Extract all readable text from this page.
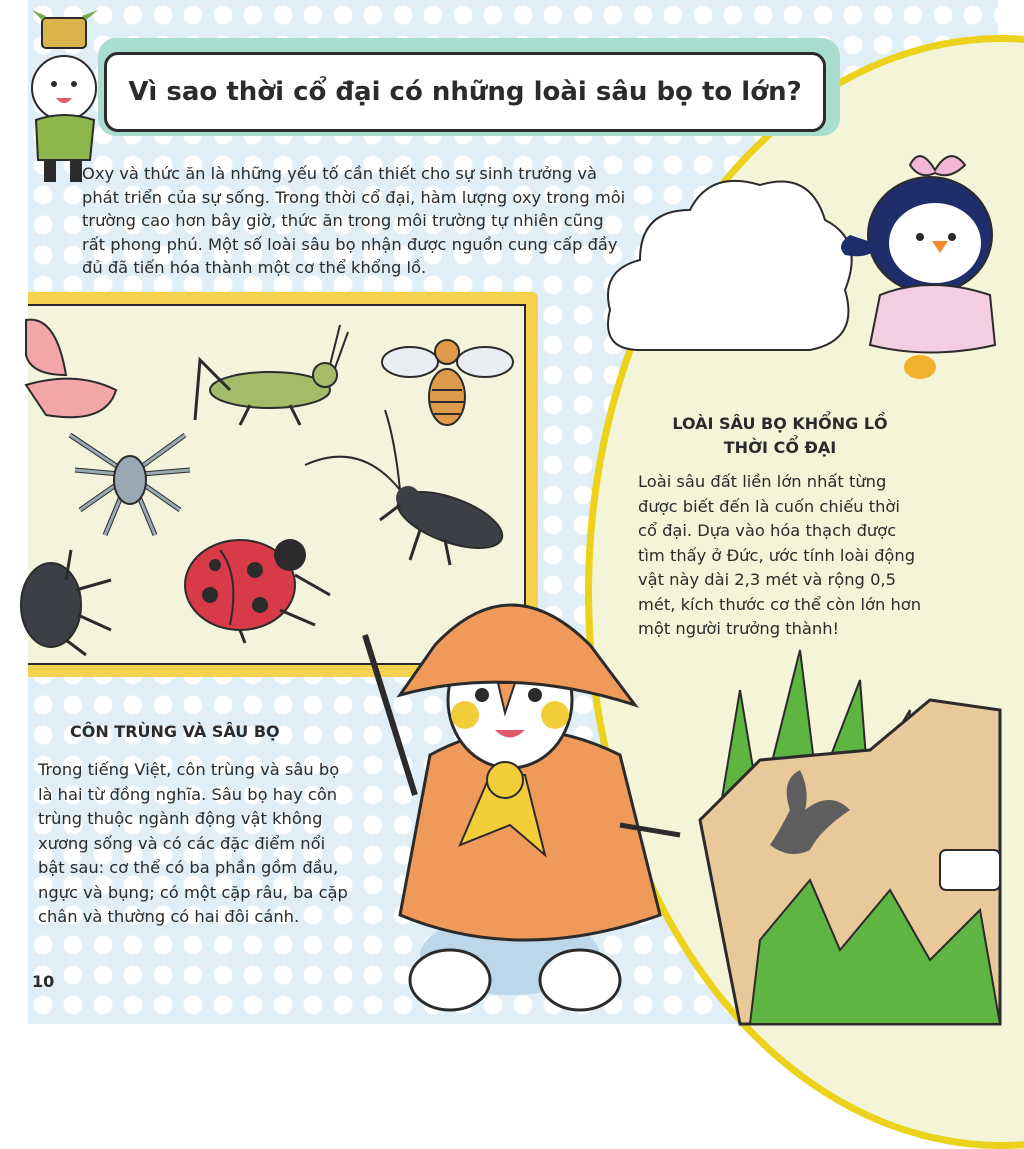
Vì sao thời cổ đại có những loài sâu bọ to lớn?

Oxy và thức ăn là những yếu tố cần thiết cho sự sinh trưởng và phát triển của sự sống. Trong thời cổ đại, hàm lượng oxy trong môi trường cao hơn bây giờ, thức ăn trong môi trường tự nhiên cũng rất phong phú. Một số loài sâu bọ nhận được nguồn cung cấp đầy đủ đã tiến hóa thành một cơ thể khổng lồ.

LOÀI SÂU BỌ KHỔNG LỒ
THỜI CỔ ĐẠI

Loài sâu đất liền lớn nhất từng được biết đến là cuốn chiếu thời cổ đại. Dựa vào hóa thạch được tìm thấy ở Đức, ước tính loài động vật này dài 2,3 mét và rộng 0,5 mét, kích thước cơ thể còn lớn hơn một người trưởng thành!

CÔN TRÙNG VÀ SÂU BỌ

Trong tiếng Việt, côn trùng và sâu bọ là hai từ đồng nghĩa. Sâu bọ hay côn trùng thuộc ngành động vật không xương sống và có các đặc điểm nổi bật sau: cơ thể có ba phần gồm đầu, ngực và bụng; có một cặp râu, ba cặp chân và thường có hai đôi cánh.

10
